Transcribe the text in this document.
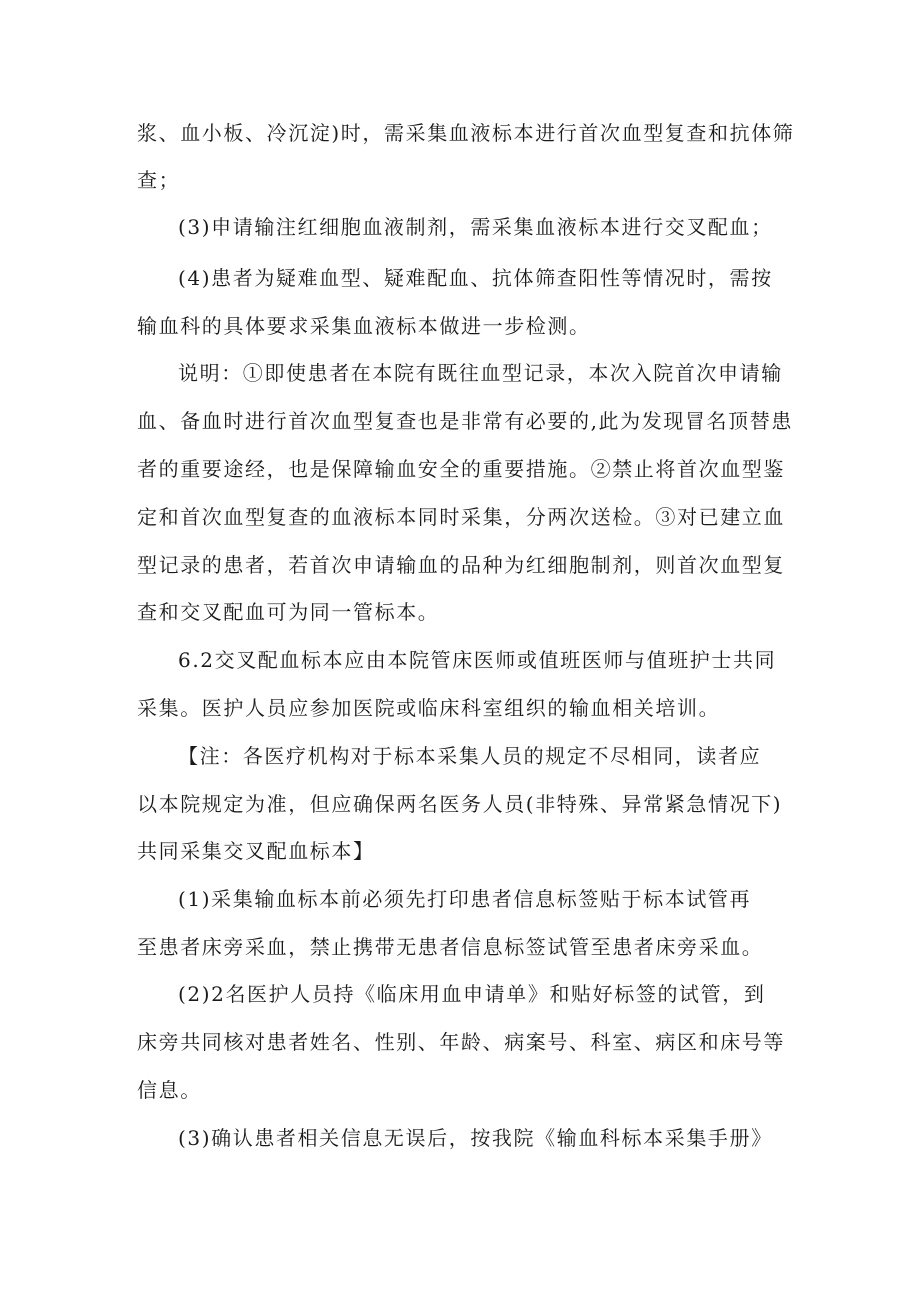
浆、血小板、冷沉淀)时，需采集血液标本进行首次血型复查和抗体筛
查；
(3)申请输注红细胞血液制剂，需采集血液标本进行交叉配血；
(4)患者为疑难血型、疑难配血、抗体筛查阳性等情况时，需按
输血科的具体要求采集血液标本做进一步检测。
说明：①即使患者在本院有既往血型记录，本次入院首次申请输
血、备血时进行首次血型复查也是非常有必要的,此为发现冒名顶替患
者的重要途经，也是保障输血安全的重要措施。②禁止将首次血型鉴
定和首次血型复查的血液标本同时采集，分两次送检。③对已建立血
型记录的患者，若首次申请输血的品种为红细胞制剂，则首次血型复
查和交叉配血可为同一管标本。
6.2交叉配血标本应由本院管床医师或值班医师与值班护士共同
采集。医护人员应参加医院或临床科室组织的输血相关培训。
【注：各医疗机构对于标本采集人员的规定不尽相同，读者应
以本院规定为准，但应确保两名医务人员(非特殊、异常紧急情况下)
共同采集交叉配血标本】
(1)采集输血标本前必须先打印患者信息标签贴于标本试管再
至患者床旁采血，禁止携带无患者信息标签试管至患者床旁采血。
(2)2名医护人员持《临床用血申请单》和贴好标签的试管，到
床旁共同核对患者姓名、性别、年龄、病案号、科室、病区和床号等
信息。
(3)确认患者相关信息无误后，按我院《输血科标本采集手册》
